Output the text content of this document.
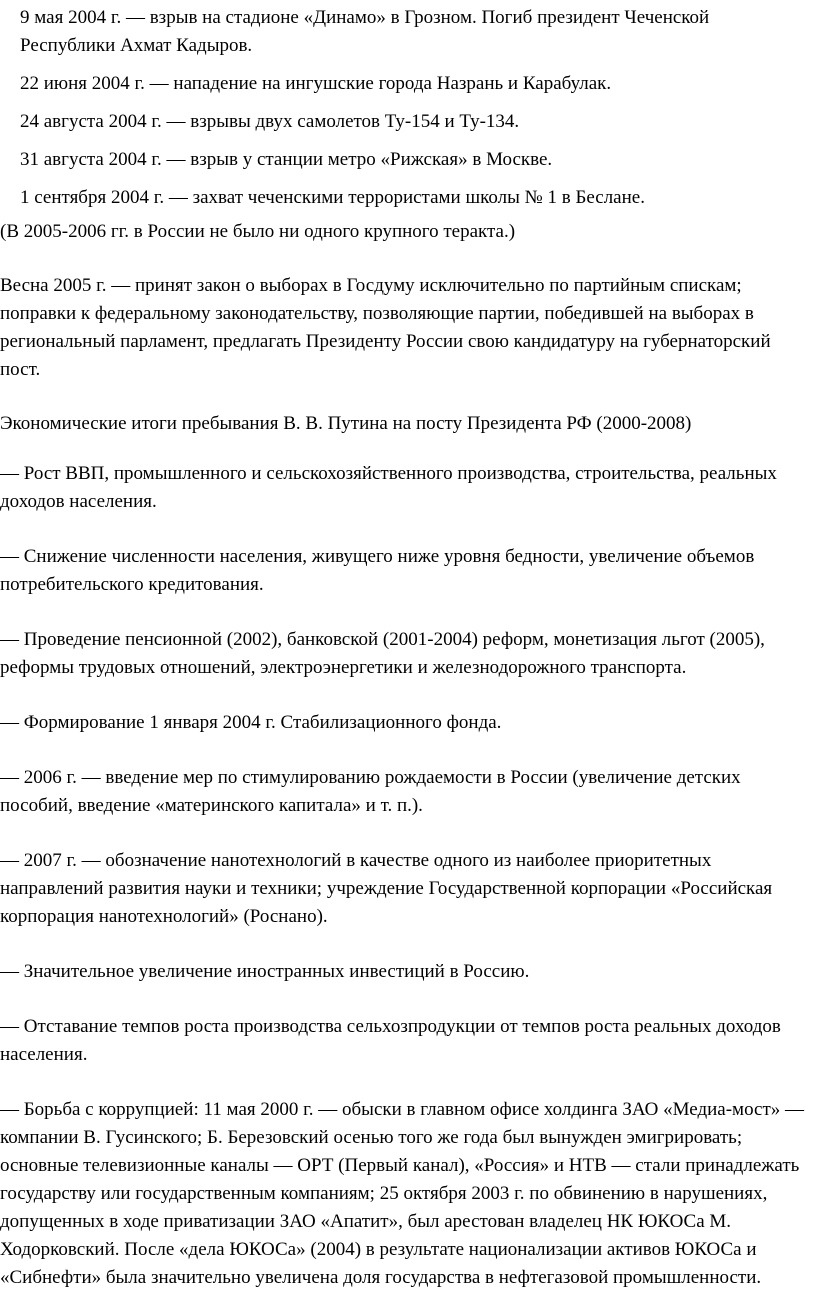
9 мая 2004 г. — взрыв на стадионе «Динамо» в Грозном. Погиб президент Чеченской Республики Ахмат Кадыров.

22 июня 2004 г. — нападение на ингушские города Назрань и Карабулак.

24 августа 2004 г. — взрывы двух самолетов Ту-154 и Ту-134.

31 августа 2004 г. — взрыв у станции метро «Рижская» в Москве.

1 сентября 2004 г. — захват чеченскими террористами школы № 1 в Беслане.

(В 2005-2006 гг. в России не было ни одного крупного теракта.)

Весна 2005 г. — принят закон о выборах в Госдуму исключительно по партийным спискам; поправки к федеральному законодательству, позволяющие партии, победившей на выборах в региональный парламент, предлагать Президенту России свою кандидатуру на губернаторский пост.

Экономические итоги пребывания В. В. Путина на посту Президента РФ (2000-2008)

— Рост ВВП, промышленного и сельскохозяйственного производства, строительства, реальных доходов населения.

— Снижение численности населения, живущего ниже уровня бедности, увеличение объемов потребительского кредитования.

— Проведение пенсионной (2002), банковской (2001-2004) реформ, монетизация льгот (2005), реформы трудовых отношений, электроэнергетики и железнодорожного транспорта.

— Формирование 1 января 2004 г. Стабилизационного фонда.

— 2006 г. — введение мер по стимулированию рождаемости в России (увеличение детских пособий, введение «материнского капитала» и т. п.).

— 2007 г. — обозначение нанотехнологий в качестве одного из наиболее приоритетных направлений развития науки и техники; учреждение Государственной корпорации «Российская корпорация нанотехнологий» (Роснано).

— Значительное увеличение иностранных инвестиций в Россию.

— Отставание темпов роста производства сельхозпродукции от темпов роста реальных доходов населения.

— Борьба с коррупцией: 11 мая 2000 г. — обыски в главном офисе холдинга ЗАО «Медиа-мост» — компании В. Гусинского; Б. Березовский осенью того же года был вынужден эмигрировать; основные телевизионные каналы — ОРТ (Первый канал), «Россия» и НТВ — стали принадлежать государству или государственным компаниям; 25 октября 2003 г. по обвинению в нарушениях, допущенных в ходе приватизации ЗАО «Апатит», был арестован владелец НК ЮКОСа М. Ходорковский. После «дела ЮКОСа» (2004) в результате национализации активов ЮКОСа и «Сибнефти» была значительно увеличена доля государства в нефтегазовой промышленности.
